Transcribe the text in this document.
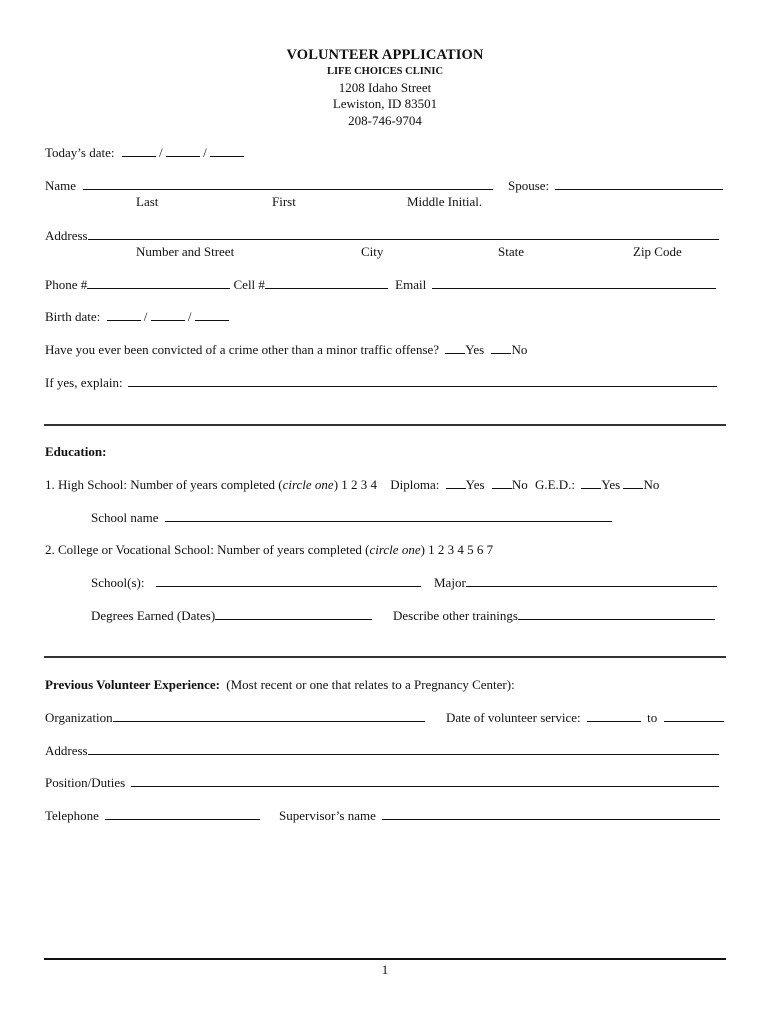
VOLUNTEER APPLICATION
LIFE CHOICES CLINIC
1208 Idaho Street
Lewiston, ID 83501
208-746-9704
Today’s date:	/	/
Name	Spouse:
Last	First	Middle Initial.
Address
Number and Street	City	State	Zip Code
Phone #	Cell #	Email
Birth date:	/	/
Have you ever been convicted of a crime other than a minor traffic offense? Yes No
If yes, explain:
Education:
1. High School: Number of years completed (circle one) 1 2 3 4 Diploma: Yes No G.E.D.: Yes No
School name
2. College or Vocational School: Number of years completed (circle one) 1 2 3 4 5 6 7
School(s):	Major
Degrees Earned (Dates)	Describe other trainings
Previous Volunteer Experience: (Most recent or one that relates to a Pregnancy Center):
Organization	Date of volunteer service:	to
Address
Position/Duties
Telephone	Supervisor’s name
1
